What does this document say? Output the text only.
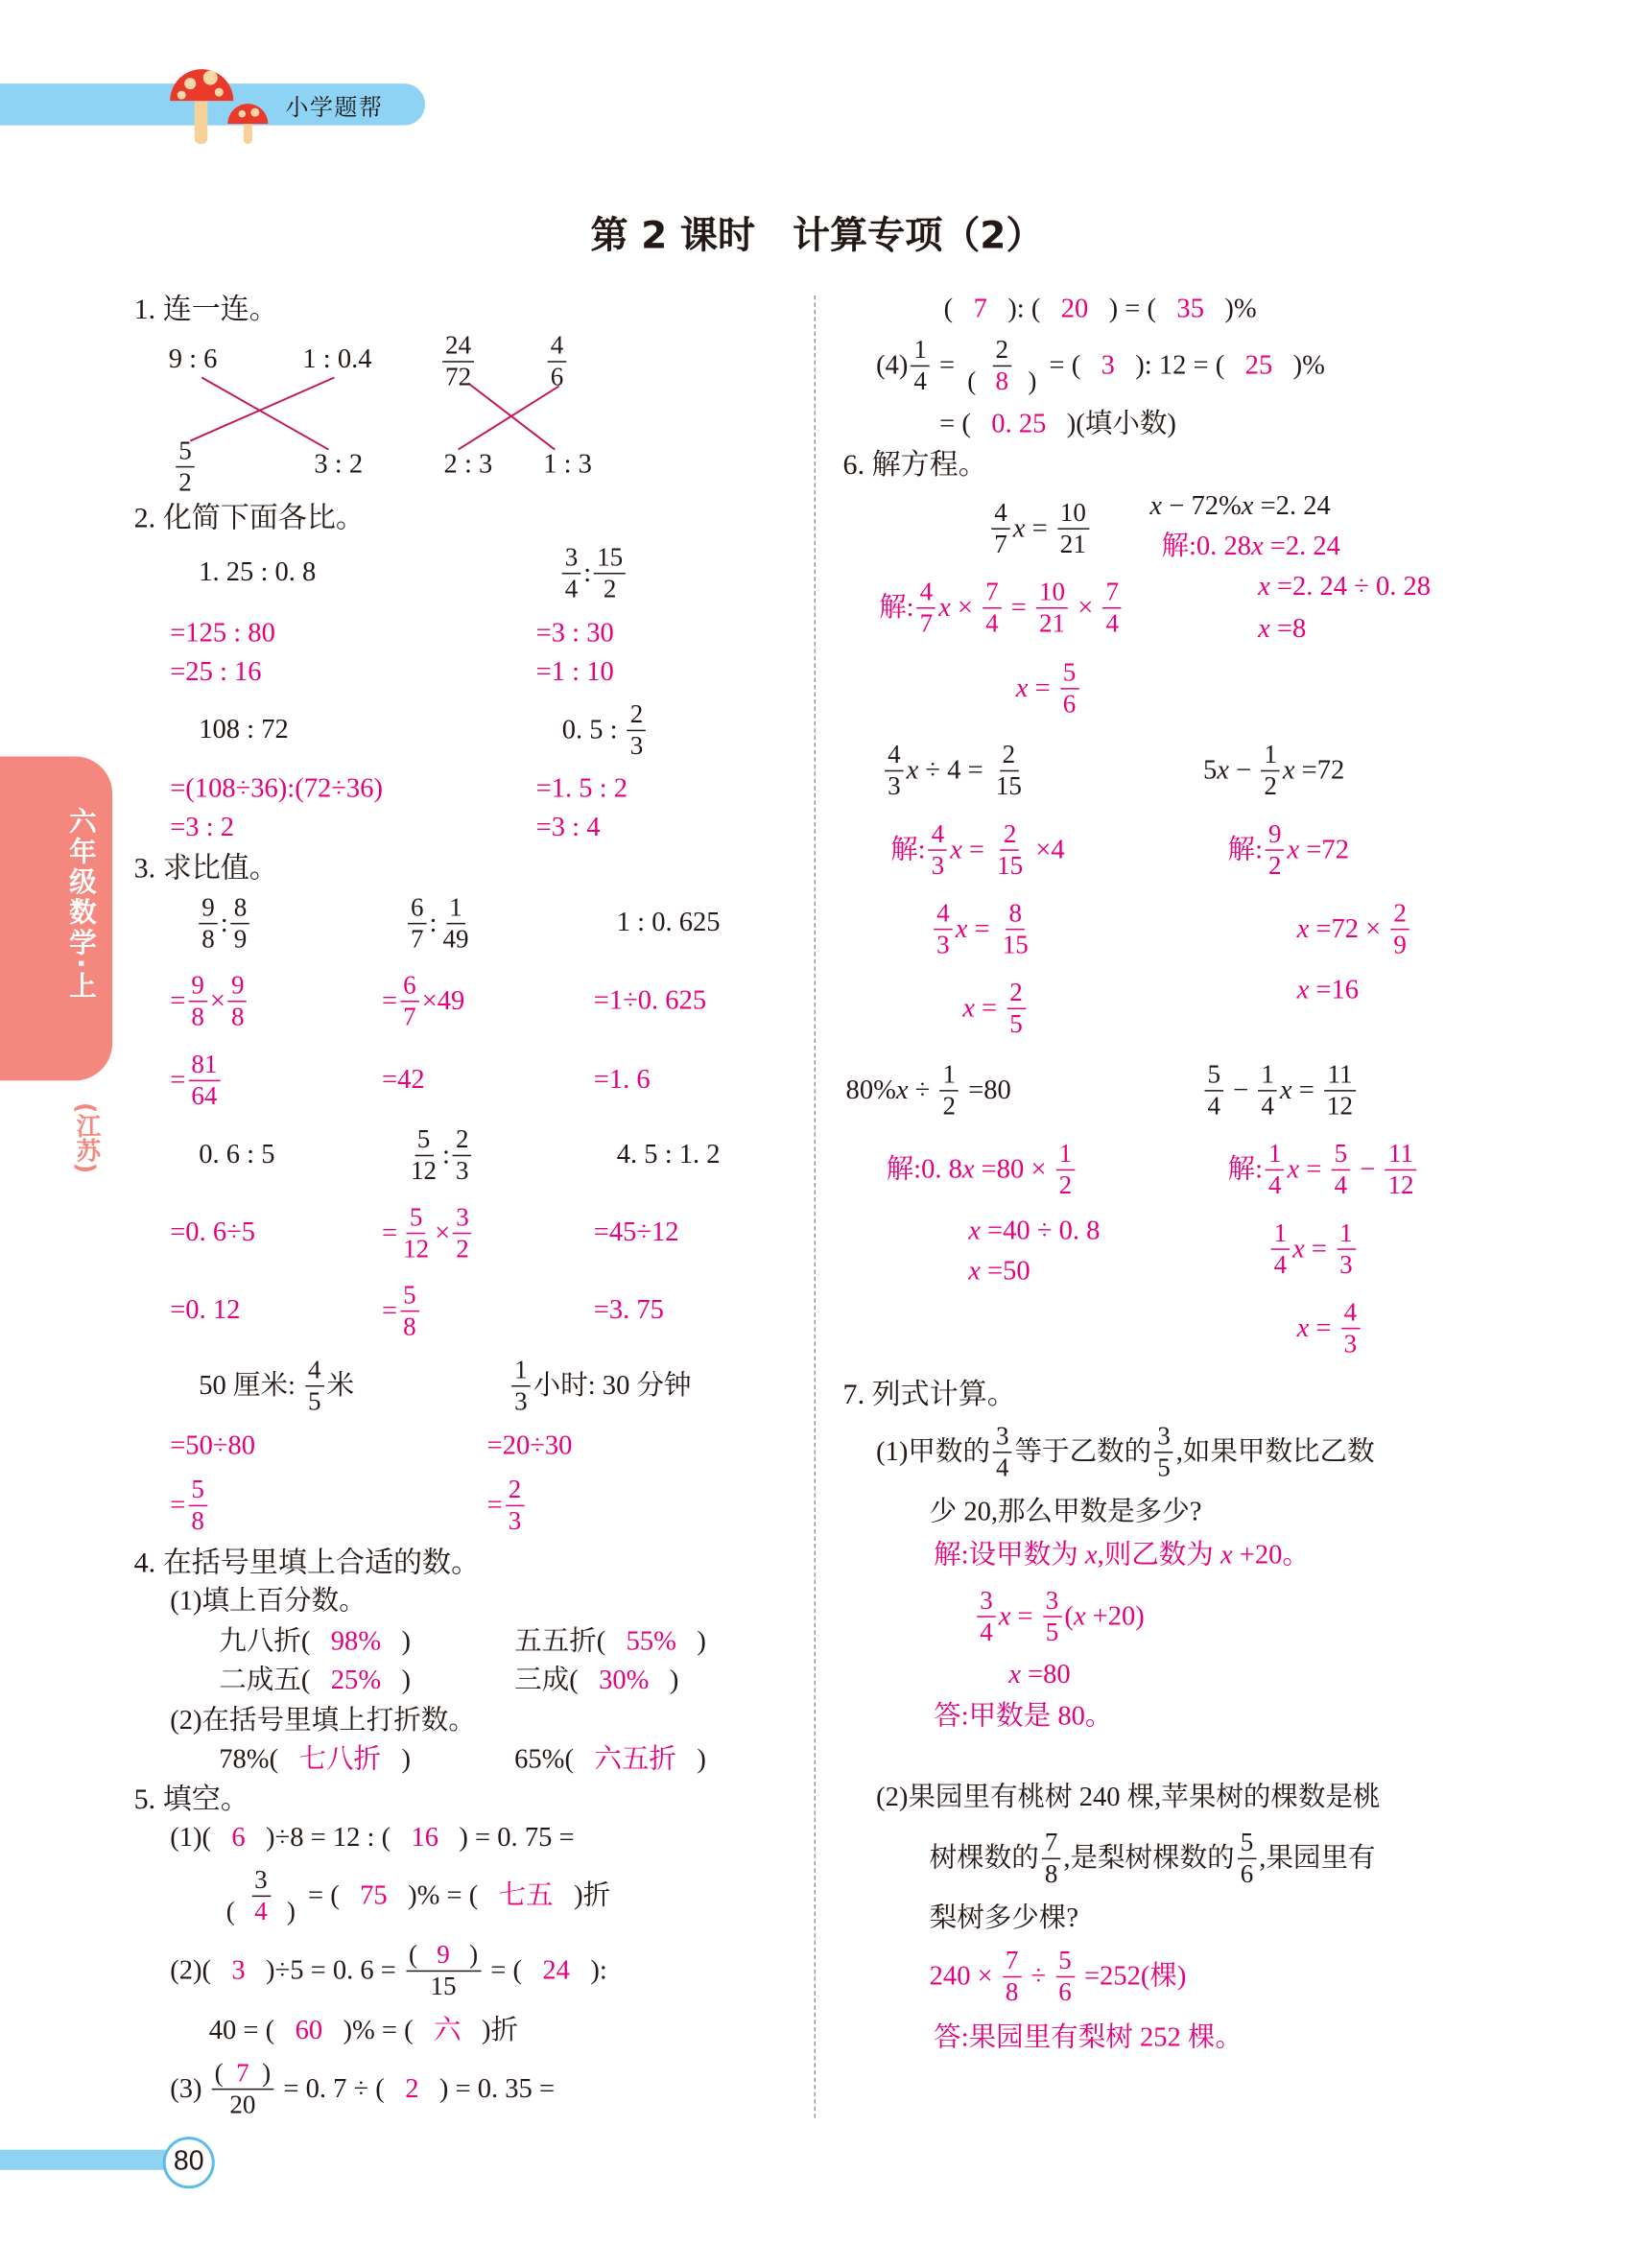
小学题帮
第 2 课时　计算专项（2）
六年级数学·上
(江苏)
80
1. 连一连。
9 : 6	1 : 0.4
$\frac{5}{2}$	3 : 2
$\frac{24}{72}$	$\frac{4}{6}$
2 : 3	1 : 3
2. 化简下面各比。
1. 25 : 0. 8	$\frac{3}{4}$ : $\frac{15}{2}$
=125 : 80	=3 : 30
=25 : 16	=1 : 10
108 : 72	0. 5 : $\frac{2}{3}$
=(108÷36):(72÷36)	=1. 5 : 2
=3 : 2	=3 : 4
3. 求比值。
$\frac{9}{8}$ : $\frac{8}{9}$	$\frac{6}{7}$ : $\frac{1}{49}$	1 : 0. 625
= $\frac{9}{8} \times \frac{9}{8}$	= $\frac{6}{7} \times 49$	=1÷0. 625
= $\frac{81}{64}$	=42	=1. 6
0. 6 : 5	$\frac{5}{12}$ : $\frac{2}{3}$	4. 5 : 1. 2
=0. 6÷5	= $\frac{5}{12} \times \frac{3}{2}$	=45÷12
=0. 12	= $\frac{5}{8}$	=3. 75
50 厘米: $\frac{4}{5}$ 米	$\frac{1}{3}$ 小时: 30 分钟
=50÷80	=20÷30
= $\frac{5}{8}$	= $\frac{2}{3}$
4. 在括号里填上合适的数。
(1)填上百分数。
九八折( 98% )	五五折( 55% )
二成五( 25% )	三成( 30% )
(2)在括号里填上打折数。
78%( 七八折 )	65%( 六五折 )
5. 填空。
(1)( 6 )÷8 = 12 : ( 16 ) = 0. 75 =
$\frac{3}{( 4 )}$ = ( 75 )% = ( 七五 )折
(2)( 3 )÷5 = 0. $6 = \frac{( 9 )}{15}$ = ( 24 ):
40 = ( 60 )% = ( 六 )折
$(3) \frac{( 7 )}{20} = 0$. 7 ÷ ( 2 ) = 0. 35 =
( 7 ): ( 20 ) = ( 35 )%
$(4) \frac{1}{4} = \frac{2}{( 8 )}$ = ( 3 ): 12 = ( 25 )%
= ( 0. 25 )(填小数)
6. 解方程。
$\frac{4}{7}$ $x = \frac{10}{21}$	x − 72% x =2. 24
解:0. 28 x =2. 24
解: $\frac{4}{7}$ $x \times \frac{7}{4} = \frac{10}{21} \times \frac{7}{4}$	x =2. 24 ÷ 0. 28
x =8
$x = \frac{5}{6}$
$\frac{4}{3}$ $x \div 4 = \frac{2}{15}$	5 $x - \frac{1}{2}$ x =72
解: $\frac{4}{3}$ $x = \frac{2}{15} \times 4$	解: $\frac{9}{2}$ x =72
$\frac{4}{3}$ $x = \frac{8}{15}$	$x =72 \times \frac{2}{9}$
$x = \frac{2}{5}$	x =16
80% $x \div \frac{1}{2} =80$	$\frac{5}{4} - \frac{1}{4}$ $x = \frac{11}{12}$
解:0. 8 $x =80 \times \frac{1}{2}$	解: $\frac{1}{4}$ $x = \frac{5}{4} - \frac{11}{12}$
x =40 ÷ 0. 8	$\frac{1}{4}$ $x = \frac{1}{3}$
x =50
$x = \frac{4}{3}$
7. 列式计算。
(1)甲数的 $\frac{3}{4}$ 等于乙数的 $\frac{3}{5}$ ,如果甲数比乙数
少 20,那么甲数是多少?
解:设甲数为 x ,则乙数为 x +20。
$\frac{3}{4}$ $x = \frac{3}{5}$ ( x +20)
x =80
答:甲数是 80。
(2)果园里有桃树 240 棵,苹果树的棵数是桃
树棵数的 $\frac{7}{8}$ ,是梨树棵数的 $\frac{5}{6}$ ,果园里有
梨树多少棵?
$240 \times \frac{7}{8} \div \frac{5}{6} =252$(棵)
答:果园里有梨树 252 棵。
